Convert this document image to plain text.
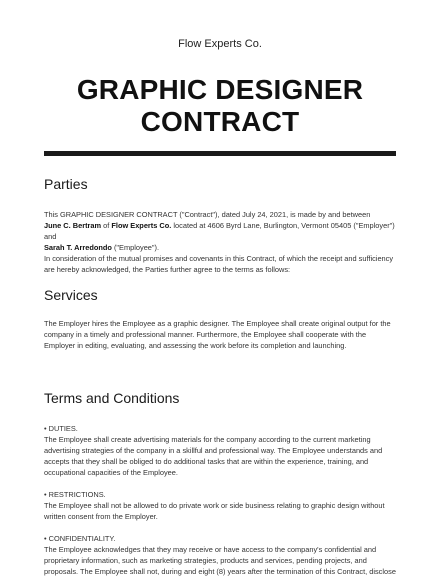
Flow Experts Co.
GRAPHIC DESIGNER
CONTRACT
Parties
This GRAPHIC DESIGNER CONTRACT ("Contract"), dated July 24, 2021, is made by and between
June C. Bertram of Flow Experts Co. located at 4606 Byrd Lane, Burlington, Vermont 05405 ("Employer") and
Sarah T. Arredondo ("Employee").
In consideration of the mutual promises and covenants in this Contract, of which the receipt and sufficiency are hereby acknowledged, the Parties further agree to the terms as follows:
Services
The Employer hires the Employee as a graphic designer. The Employee shall create original output for the company in a timely and professional manner. Furthermore, the Employee shall cooperate with the Employer in editing, evaluating, and assessing the work before its completion and launching.
Terms and Conditions
• DUTIES.
The Employee shall create advertising materials for the company according to the current marketing advertising strategies of the company in a skillful and professional way. The Employee understands and accepts that they shall be obliged to do additional tasks that are within the experience, training, and occupational capacities of the Employee.
• RESTRICTIONS.
The Employee shall not be allowed to do private work or side business relating to graphic design without written consent from the Employer.
• CONFIDENTIALITY.
The Employee acknowledges that they may receive or have access to the company's confidential and proprietary information, such as marketing strategies, products and services, pending projects, and proposals. The Employee shall not, during and eight (8) years after the termination of this Contract, disclose
